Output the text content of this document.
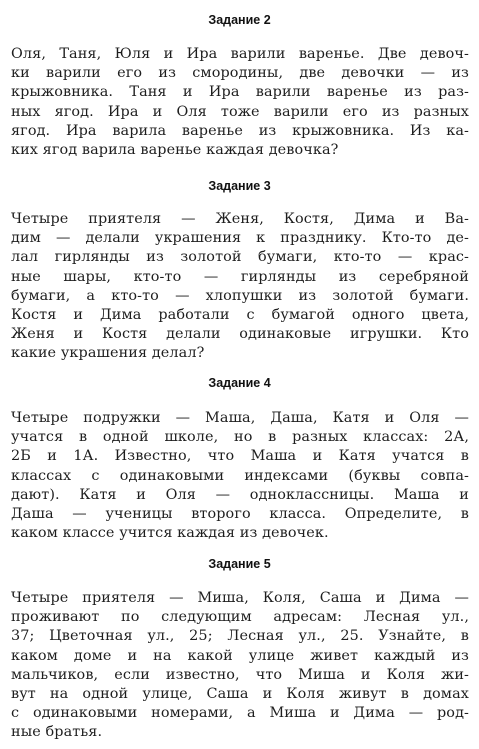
Задание 2
Оля, Таня, Юля и Ира варили варенье. Две девоч-
ки варили его из смородины, две девочки — из
крыжовника. Таня и Ира варили варенье из раз-
ных ягод. Ира и Оля тоже варили его из разных
ягод. Ира варила варенье из крыжовника. Из ка-
ких ягод варила варенье каждая девочка?
Задание 3
Четыре приятеля — Женя, Костя, Дима и Ва-
дим — делали украшения к празднику. Кто-то де-
лал гирлянды из золотой бумаги, кто-то — крас-
ные шары, кто-то — гирлянды из серебряной
бумаги, а кто-то — хлопушки из золотой бумаги.
Костя и Дима работали с бумагой одного цвета,
Женя и Костя делали одинаковые игрушки. Кто
какие украшения делал?
Задание 4
Четыре подружки — Маша, Даша, Катя и Оля —
учатся в одной школе, но в разных классах: 2А,
2Б и 1А. Известно, что Маша и Катя учатся в
классах с одинаковыми индексами (буквы совпа-
дают). Катя и Оля — одноклассницы. Маша и
Даша — ученицы второго класса. Определите, в
каком классе учится каждая из девочек.
Задание 5
Четыре приятеля — Миша, Коля, Саша и Дима —
проживают по следующим адресам: Лесная ул.,
37; Цветочная ул., 25; Лесная ул., 25. Узнайте, в
каком доме и на какой улице живет каждый из
мальчиков, если известно, что Миша и Коля жи-
вут на одной улице, Саша и Коля живут в домах
с одинаковыми номерами, а Миша и Дима — род-
ные братья.
